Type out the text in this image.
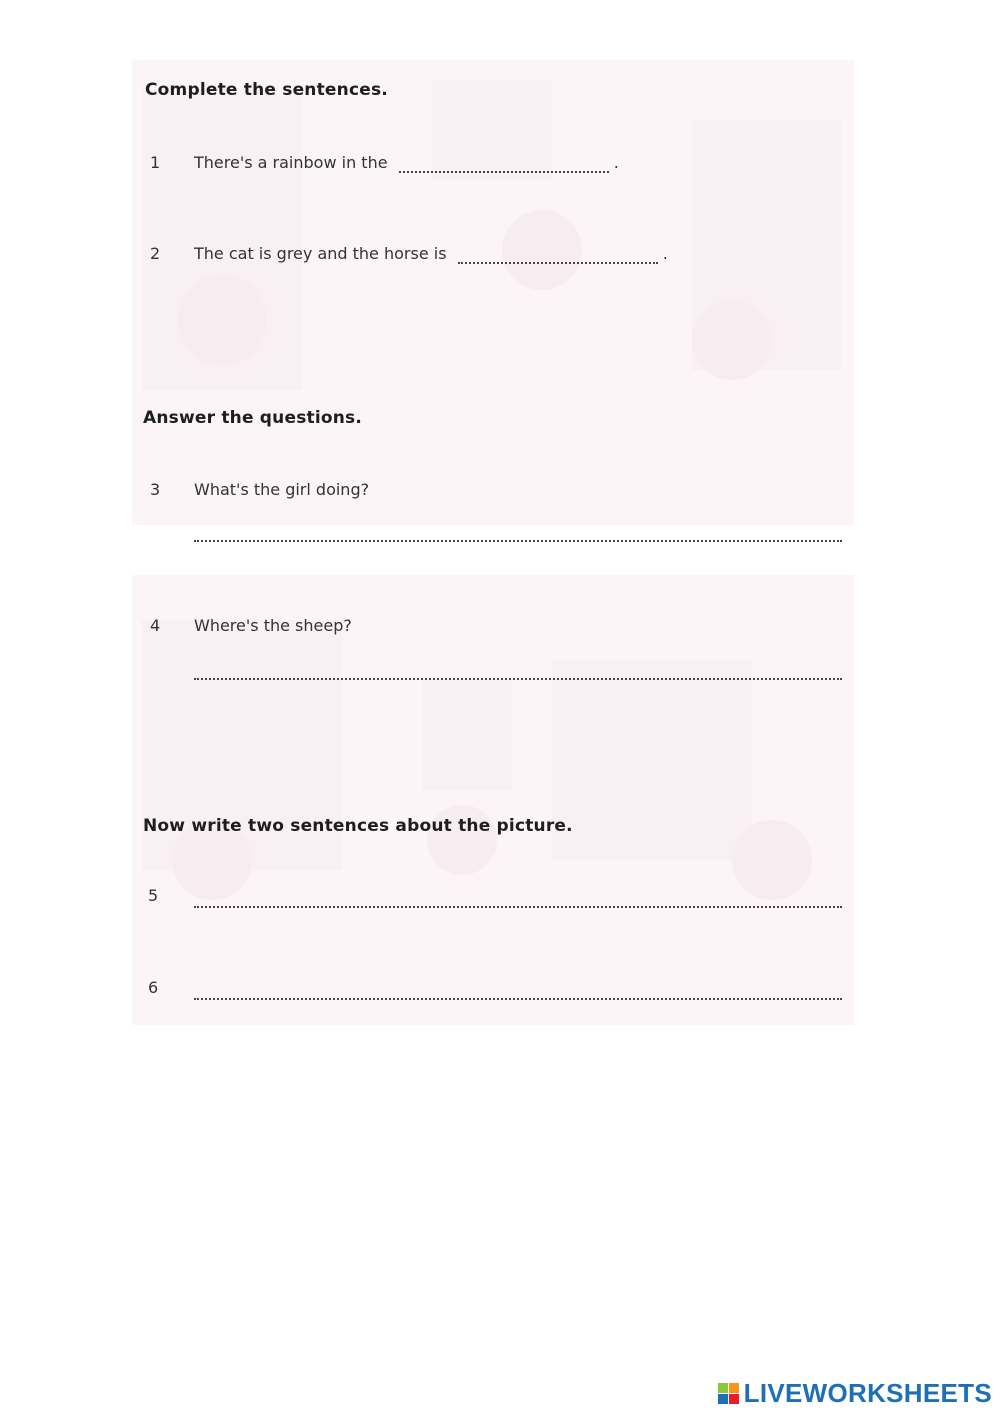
Complete the sentences.
1 There's a rainbow in the	.
2 The cat is grey and the horse is	.
Answer the questions.
3 What's the girl doing?
4 Where's the sheep?
Now write two sentences about the picture.
5
6
LIVEWORKSHEETS
